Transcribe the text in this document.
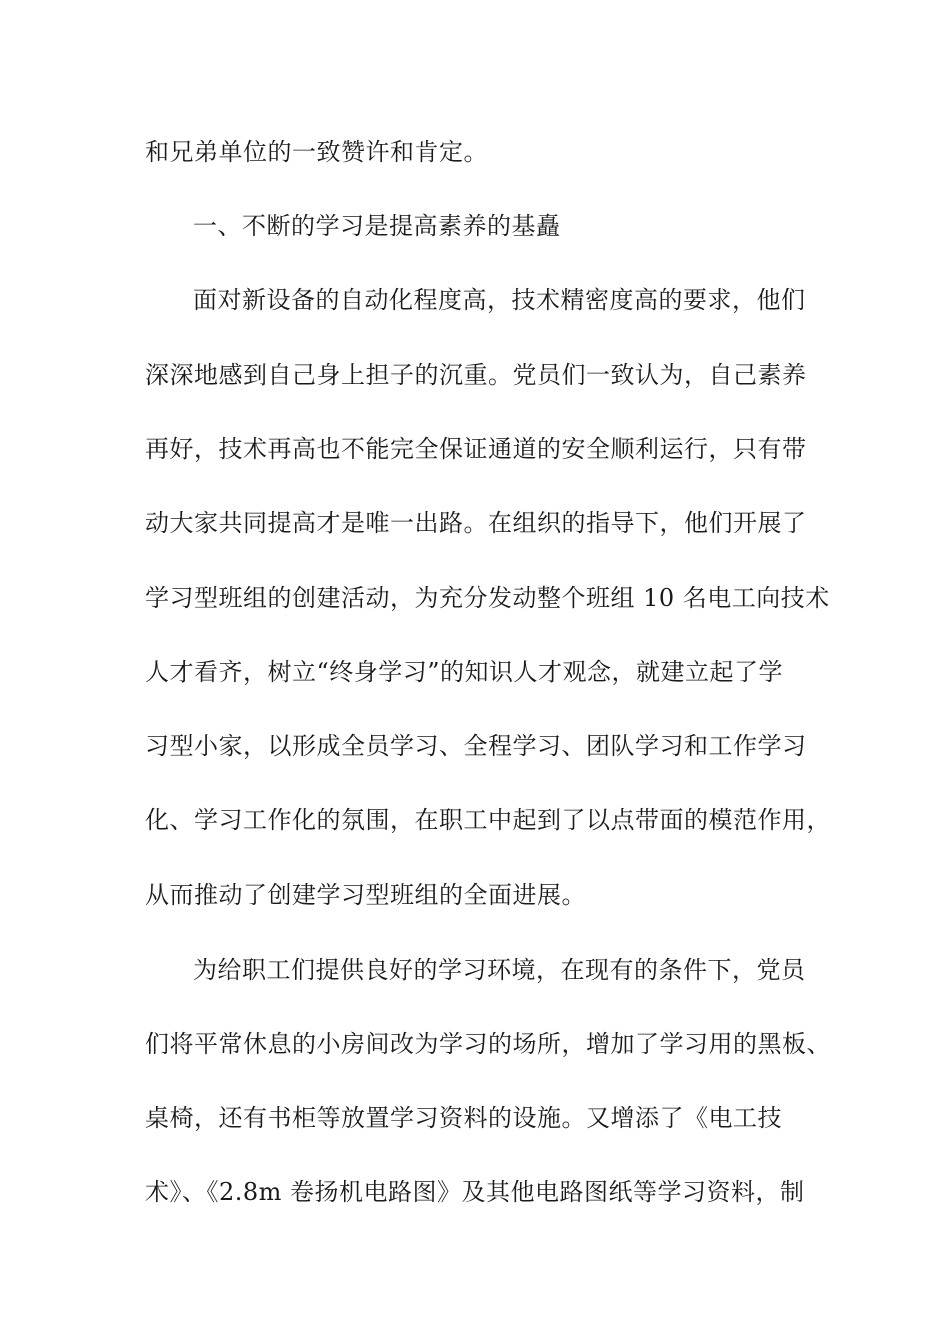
和兄弟单位的一致赞许和肯定。
一、不断的学习是提高素养的基矗
面对新设备的自动化程度高，技术精密度高的要求，他们
深深地感到自己身上担子的沉重。党员们一致认为，自己素养
再好，技术再高也不能完全保证通道的安全顺利运行，只有带
动大家共同提高才是唯一出路。在组织的指导下，他们开展了
学习型班组的创建活动，为充分发动整个班组 10 名电工向技术
人才看齐，树立“终身学习”的知识人才观念，就建立起了学
习型小家，以形成全员学习、全程学习、团队学习和工作学习
化、学习工作化的氛围，在职工中起到了以点带面的模范作用，
从而推动了创建学习型班组的全面进展。
为给职工们提供良好的学习环境，在现有的条件下，党员
们将平常休息的小房间改为学习的场所，增加了学习用的黑板、
桌椅，还有书柜等放置学习资料的设施。又增添了《电工技
术》、《2.8m 卷扬机电路图》及其他电路图纸等学习资料，制
